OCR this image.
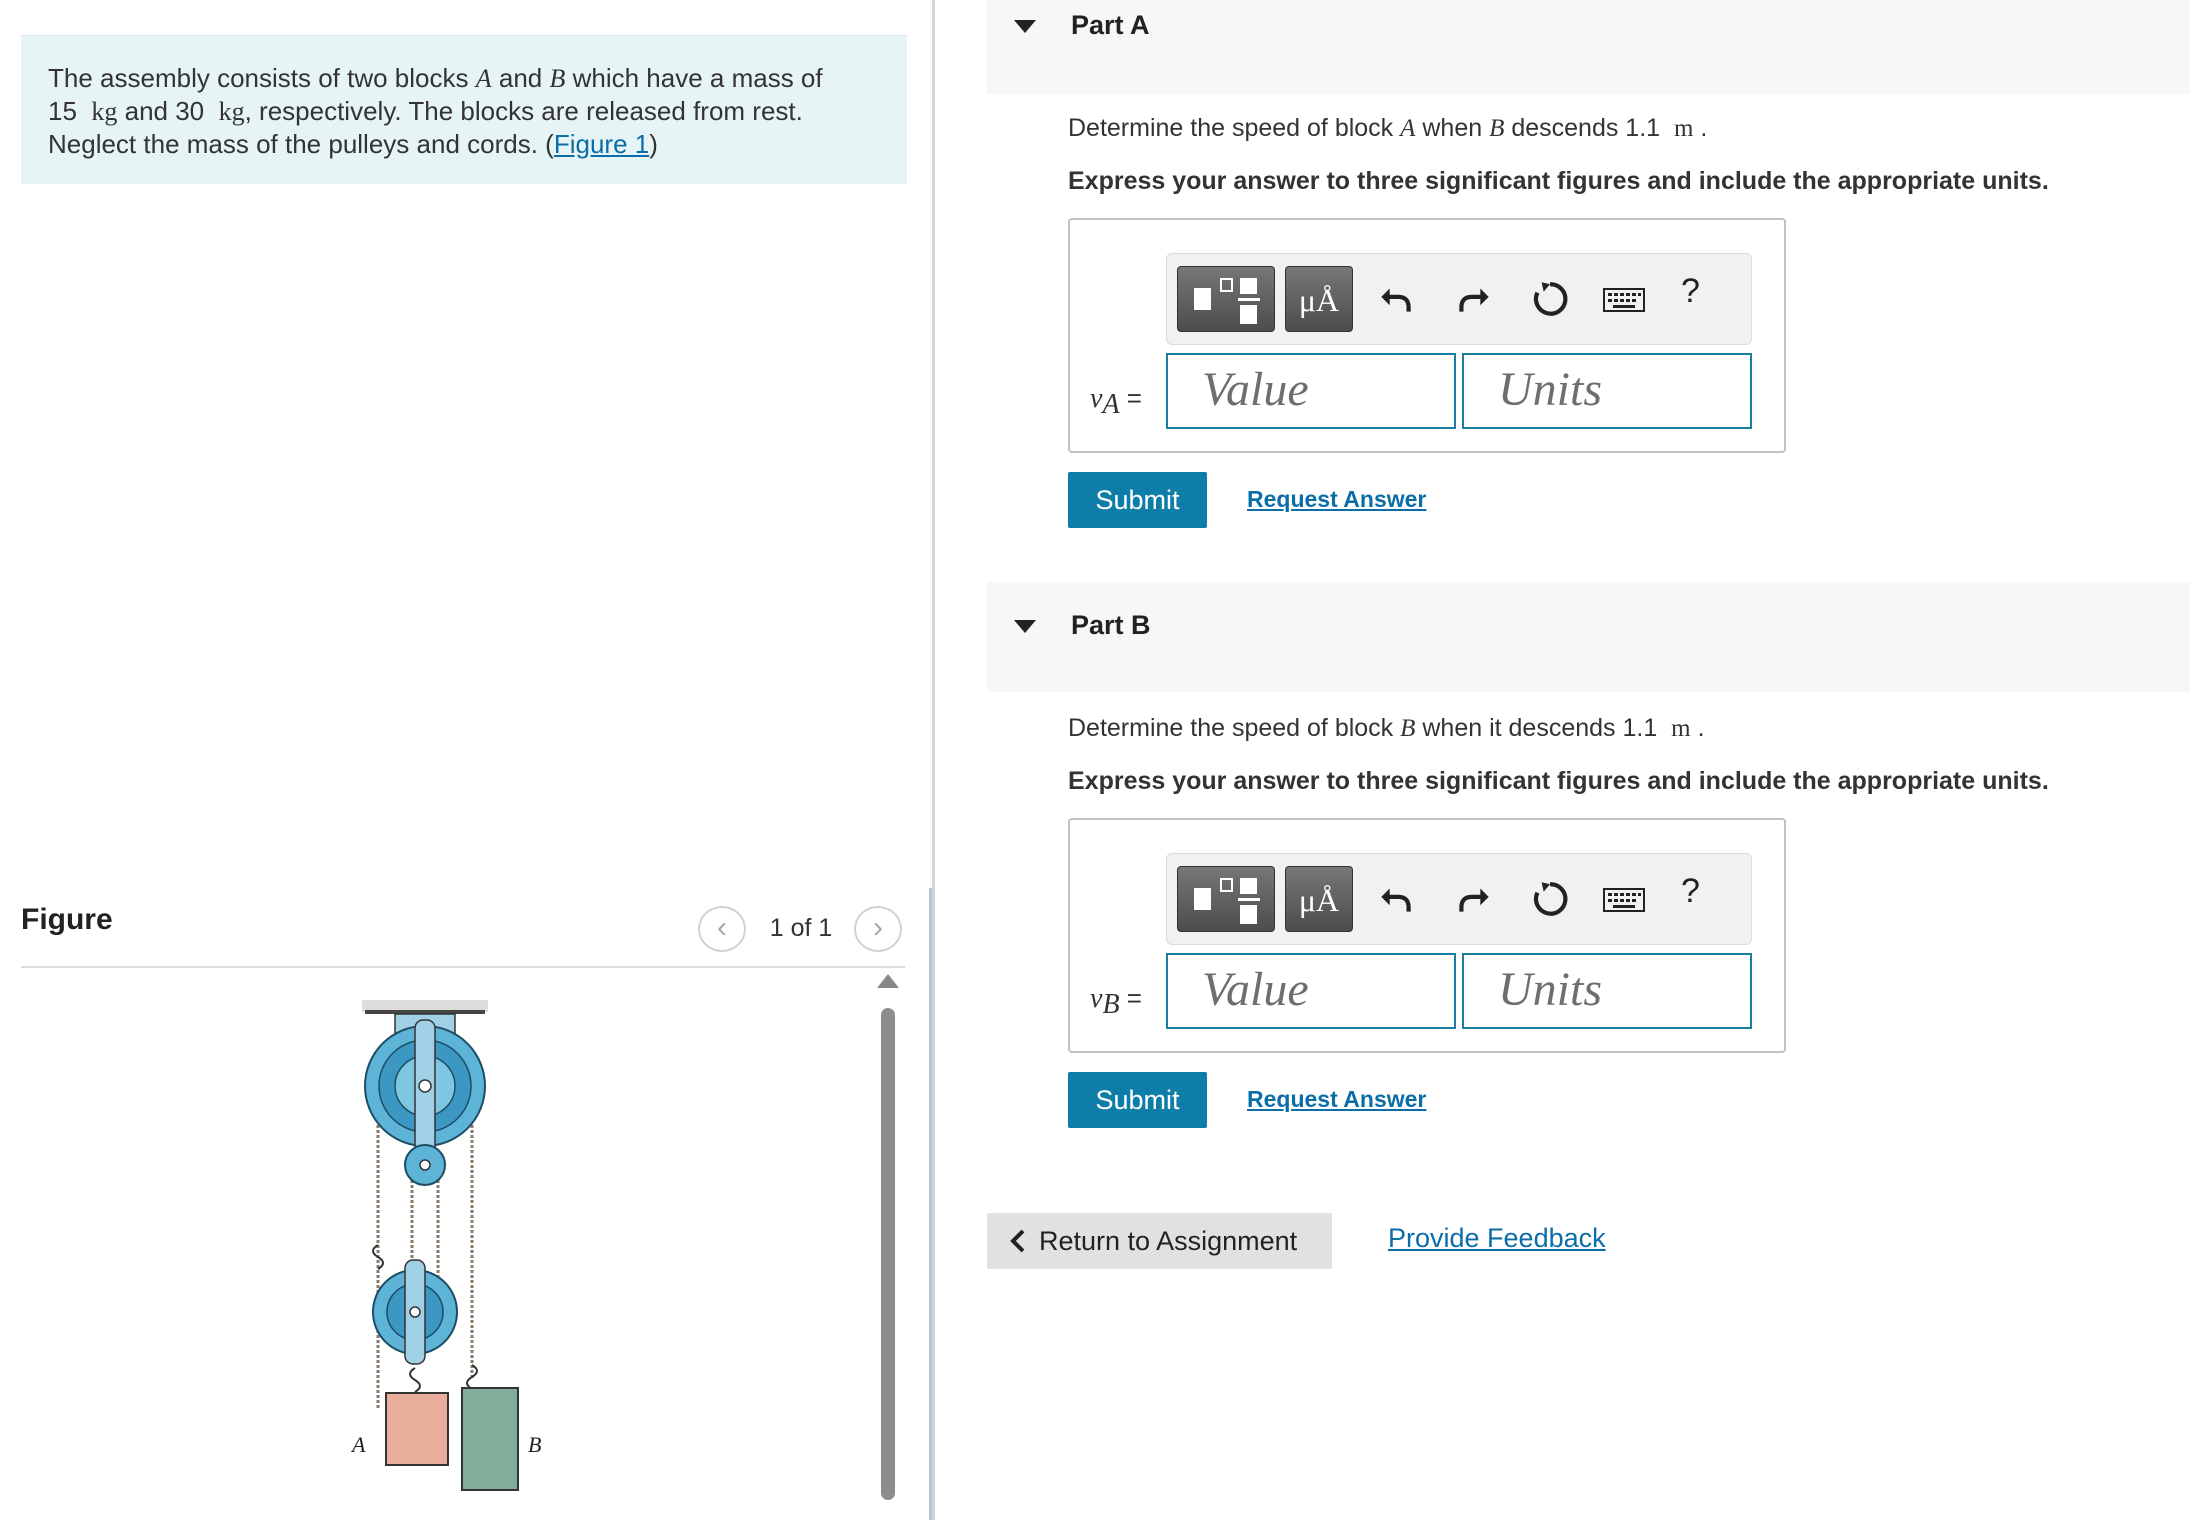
The assembly consists of two blocks A and B which have a mass of
15 kg and 30 kg, respectively. The blocks are released from rest. Neglect the mass of the pulleys and cords. (Figure 1)
Figure	‹	1 of 1	›
A	B
Part A
Determine the speed of block A when B descends 1.1 m .
Express your answer to three significant figures and include the appropriate units.
μÅ	?
$v_A$ =	Value	Units
Submit	Request Answer
Part B
Determine the speed of block B when it descends 1.1 m .
Express your answer to three significant figures and include the appropriate units.
μÅ	?
$v_B$ =	Value	Units
Submit	Request Answer
Return to Assignment	Provide Feedback
